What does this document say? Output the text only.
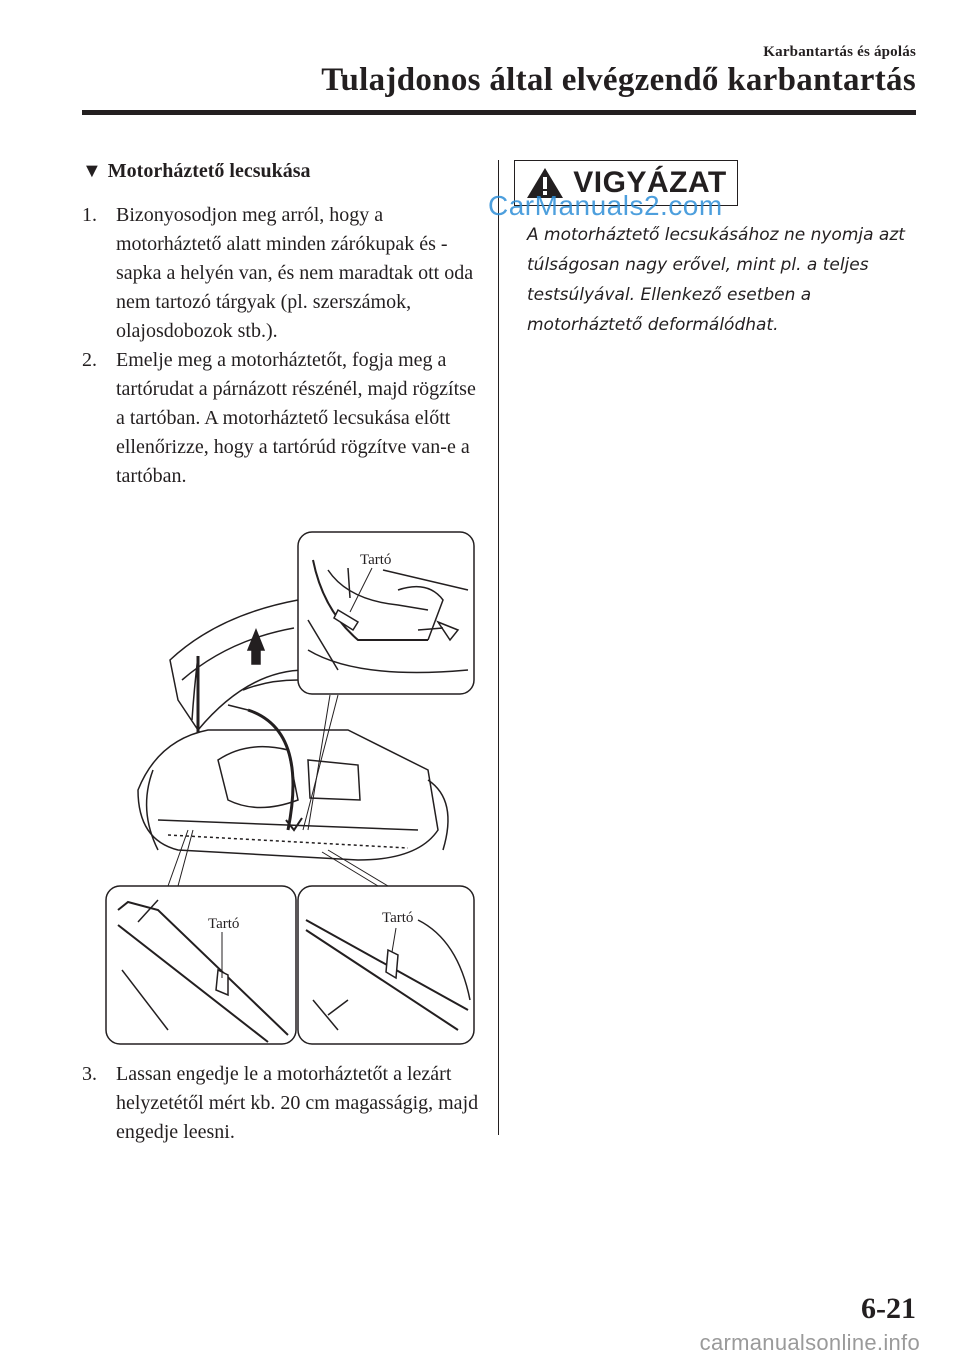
Karbantartás és ápolás
Tulajdonos által elvégzendő karbantartás
▼ Motorháztető lecsukása
1. Bizonyosodjon meg arról, hogy a motorháztető alatt minden zárókupak és -sapka a helyén van, és nem maradtak ott oda nem tartozó tárgyak (pl. szerszámok, olajosdobozok stb.).
2. Emelje meg a motorháztetőt, fogja meg a tartórudat a párnázott részénél, majd rögzítse a tartóban. A motorháztető lecsukása előtt ellenőrizze, hogy a tartórúd rögzítve van-e a tartóban.
Tartó
Tartó	Tartó
3. Lassan engedje le a motorháztetőt a lezárt helyzetétől mért kb. 20 cm magasságig, majd engedje leesni.
VIGYÁZAT
CarManuals2.com
A motorháztető lecsukásához ne nyomja azt túlságosan nagy erővel, mint pl. a teljes testsúlyával. Ellenkező esetben a motorháztető deformálódhat.
6-21
carmanualsonline.info
